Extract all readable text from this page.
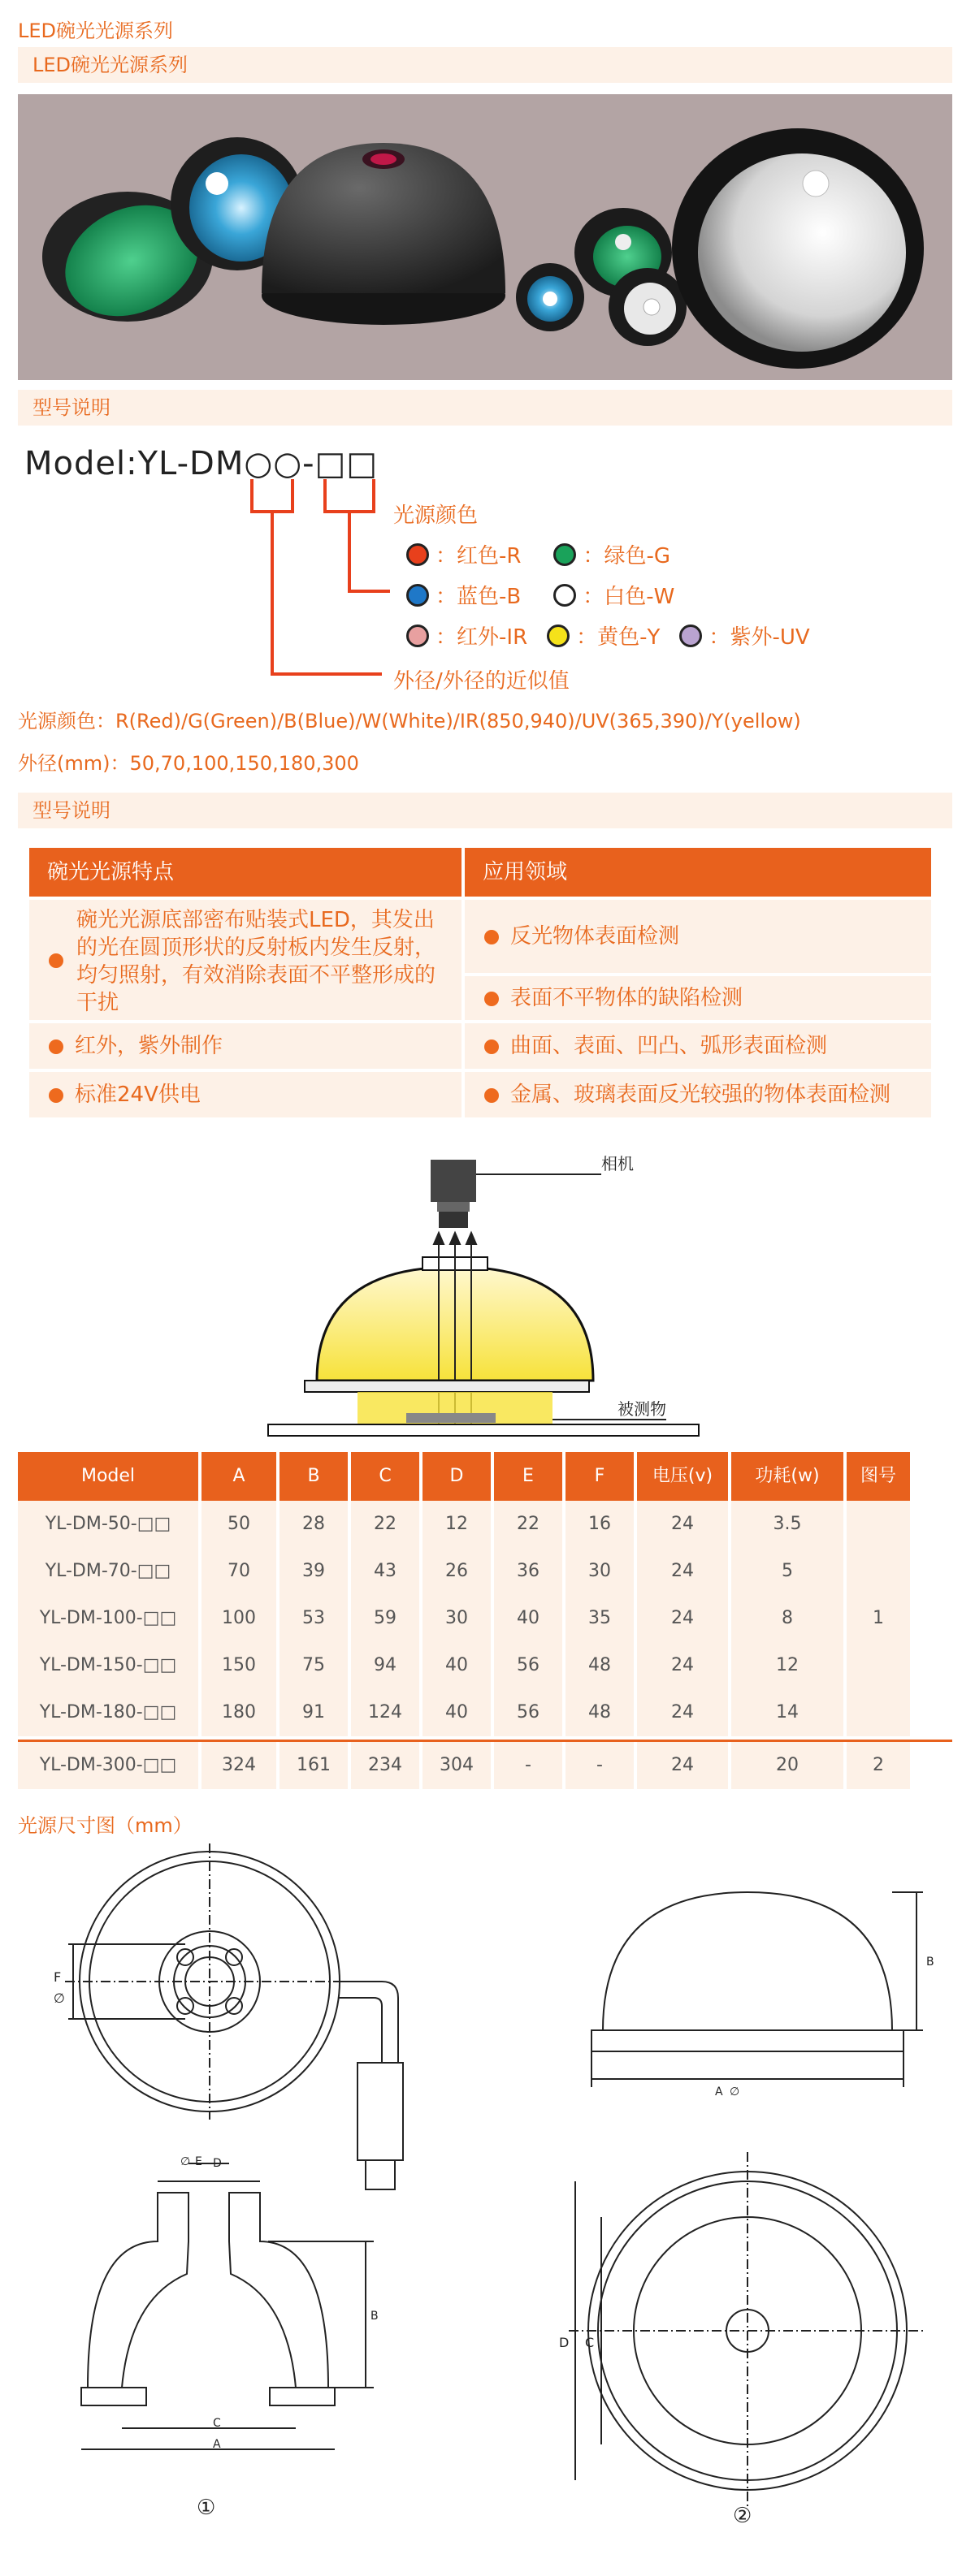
LED碗光光源系列
LED碗光光源系列
型号说明
Model:YL-DM○○-□□
光源颜色
： 红色-R	： 绿色-G
： 蓝色-B	： 白色-W
： 红外-IR ： 黄色-Y ： 紫外-UV
外径/外径的近似值
光源颜色：R(Red)/G(Green)/B(Blue)/W(White)/IR(850,940)/UV(365,390)/Y(yellow)
外径(mm)：50,70,100,150,180,300
型号说明
碗光光源特点	应用领域
碗光光源底部密布贴装式LED，其发出的光在圆顶形状的反射板内发生反射，均匀照射，有效消除表面不平整形成的干扰
红外，紫外制作
标准24V供电
反光物体表面检测
表面不平物体的缺陷检测
曲面、表面、凹凸、弧形表面检测
金属、玻璃表面反光较强的物体表面检测
相机
被测物
Model	A	B	C	D	E	F	电压(v)	功耗(w)	图号
YL-DM-50-□□	50	28	22	12	22	16	24	3.5
YL-DM-70-□□	70	39	43	26	36	30	24	5
YL-DM-100-□□	100	53	59	30	40	35	24	8	1
YL-DM-150-□□	150	75	94	40	56	48	24	12
YL-DM-180-□□	180	91	124	40	56	48	24	14
YL-DM-300-□□	324	161	234	304	-	-	24	20	2
光源尺寸图（mm）
F
∅
B
A ∅
E
∅ D
C
A
B
①
D C
②
